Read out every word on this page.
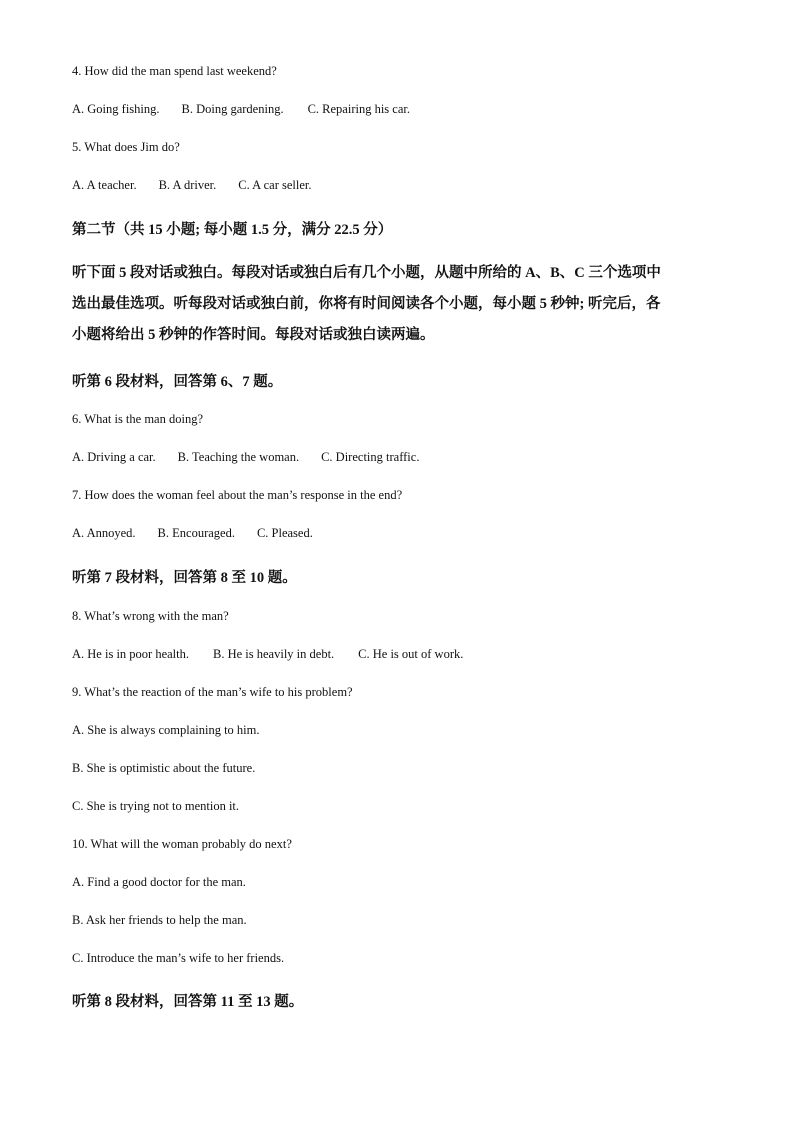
4. How did the man spend last weekend?
A. Going fishing. B. Doing gardening. C. Repairing his car.
5. What does Jim do?
A. A teacher. B. A driver. C. A car seller.
第二节（共 15 小题; 每小题 1.5 分，满分 22.5 分）
听下面 5 段对话或独白。每段对话或独白后有几个小题，从题中所给的 A、B、C 三个选项中
选出最佳选项。听每段对话或独白前，你将有时间阅读各个小题，每小题 5 秒钟; 听完后，各
小题将给出 5 秒钟的作答时间。每段对话或独白读两遍。
听第 6 段材料，回答第 6、7 题。
6. What is the man doing?
A. Driving a car. B. Teaching the woman. C. Directing traffic.
7. How does the woman feel about the man’s response in the end?
A. Annoyed. B. Encouraged. C. Pleased.
听第 7 段材料，回答第 8 至 10 题。
8. What’s wrong with the man?
A. He is in poor health. B. He is heavily in debt. C. He is out of work.
9. What’s the reaction of the man’s wife to his problem?
A. She is always complaining to him.
B. She is optimistic about the future.
C. She is trying not to mention it.
10. What will the woman probably do next?
A. Find a good doctor for the man.
B. Ask her friends to help the man.
C. Introduce the man’s wife to her friends.
听第 8 段材料，回答第 11 至 13 题。
